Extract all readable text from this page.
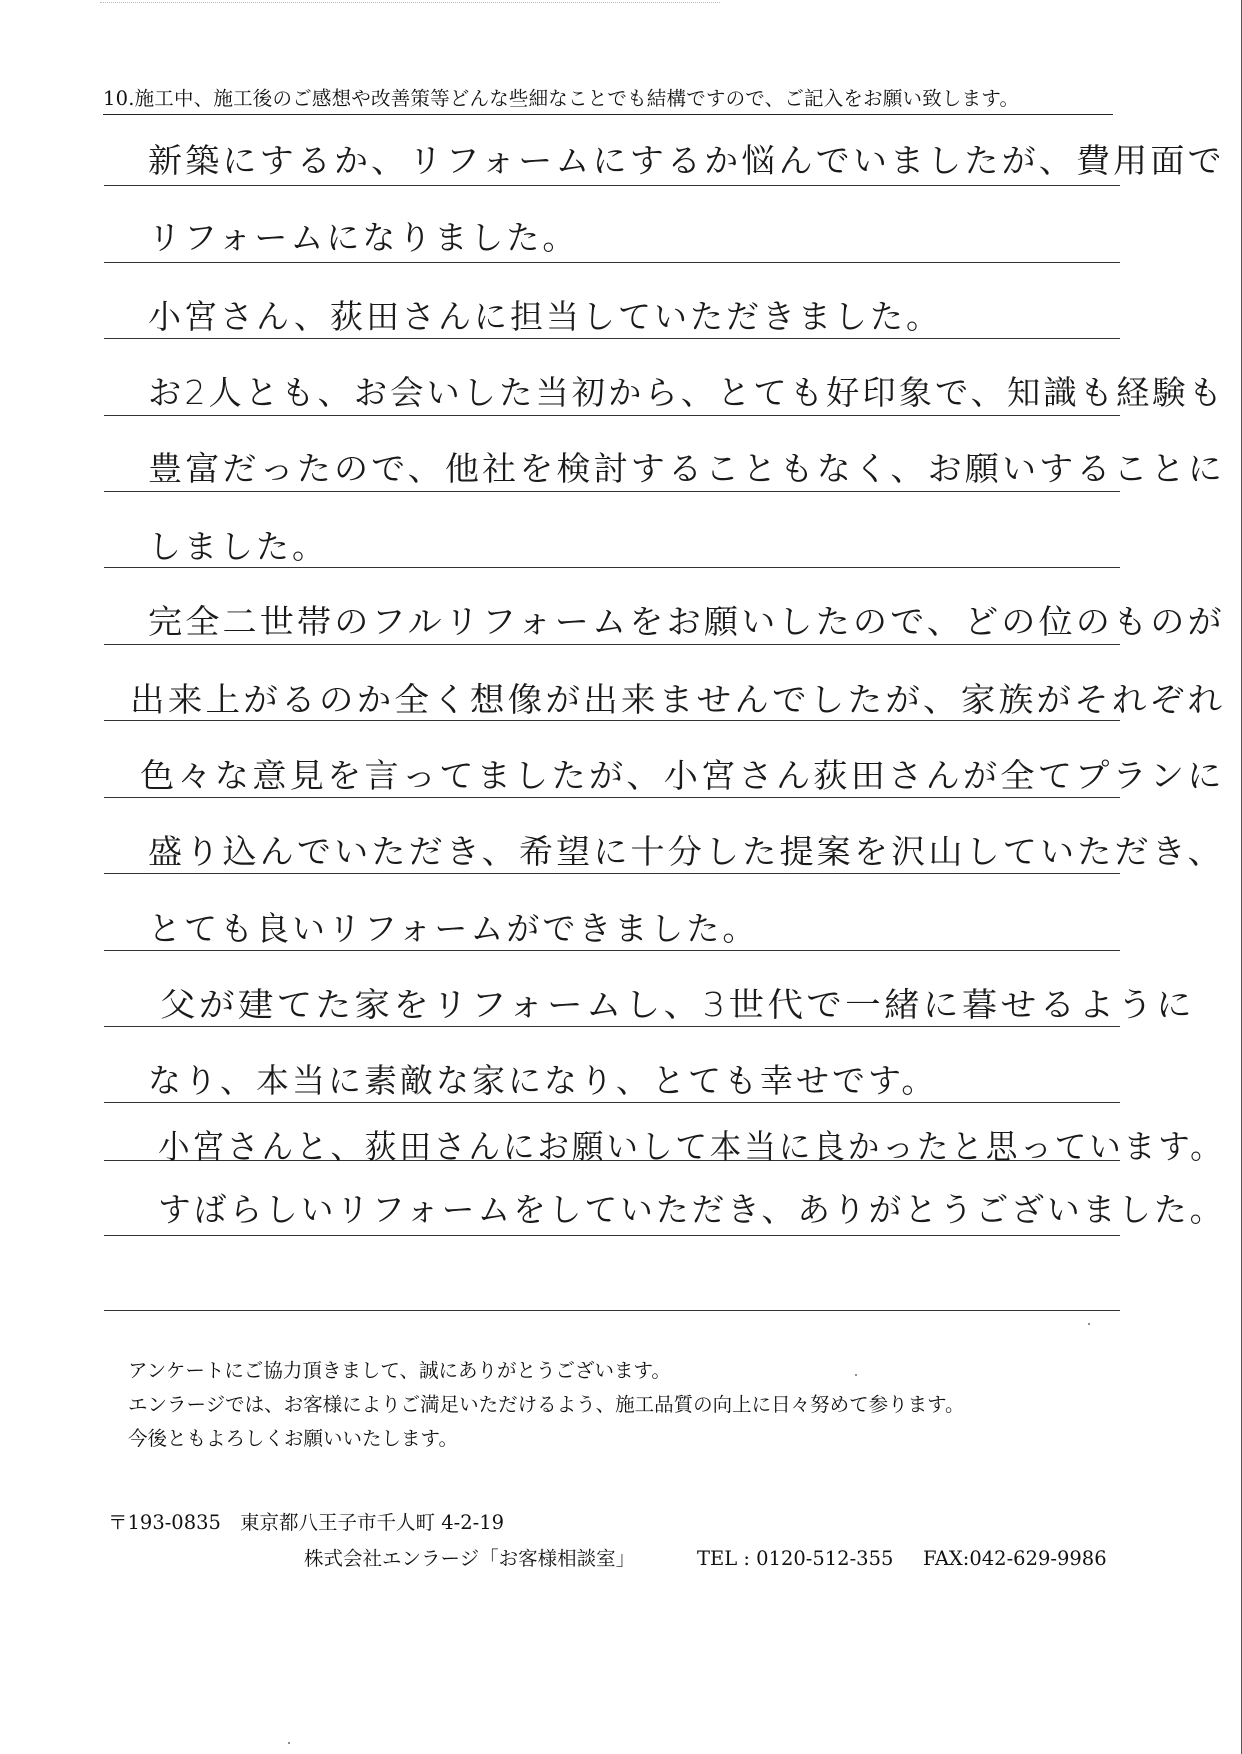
10.施工中、施工後のご感想や改善策等どんな些細なことでも結構ですので、ご記入をお願い致します。
新築にするか、リフォームにするか悩んでいましたが、費用面で
リフォームになりました。
小宮さん、荻田さんに担当していただきました。
お2人とも、お会いした当初から、とても好印象で、知識も経験も
豊富だったので、他社を検討することもなく、お願いすることに
しました。
完全二世帯のフルリフォームをお願いしたので、どの位のものが
出来上がるのか全く想像が出来ませんでしたが、家族がそれぞれ
色々な意見を言ってましたが、小宮さん荻田さんが全てプランに
盛り込んでいただき、希望に十分した提案を沢山していただき、
とても良いリフォームができました。
父が建てた家をリフォームし、3世代で一緒に暮せるように
なり、本当に素敵な家になり、とても幸せです。
小宮さんと、荻田さんにお願いして本当に良かったと思っています。
すばらしいリフォームをしていただき、ありがとうございました。
アンケートにご協力頂きまして、誠にありがとうございます。
エンラージでは、お客様によりご満足いただけるよう、施工品質の向上に日々努めて参ります。
今後ともよろしくお願いいたします。
〒193-0835 東京都八王子市千人町 4-2-19
株式会社エンラージ「お客様相談室」	TEL : 0120-512-355 FAX:042-629-9986
